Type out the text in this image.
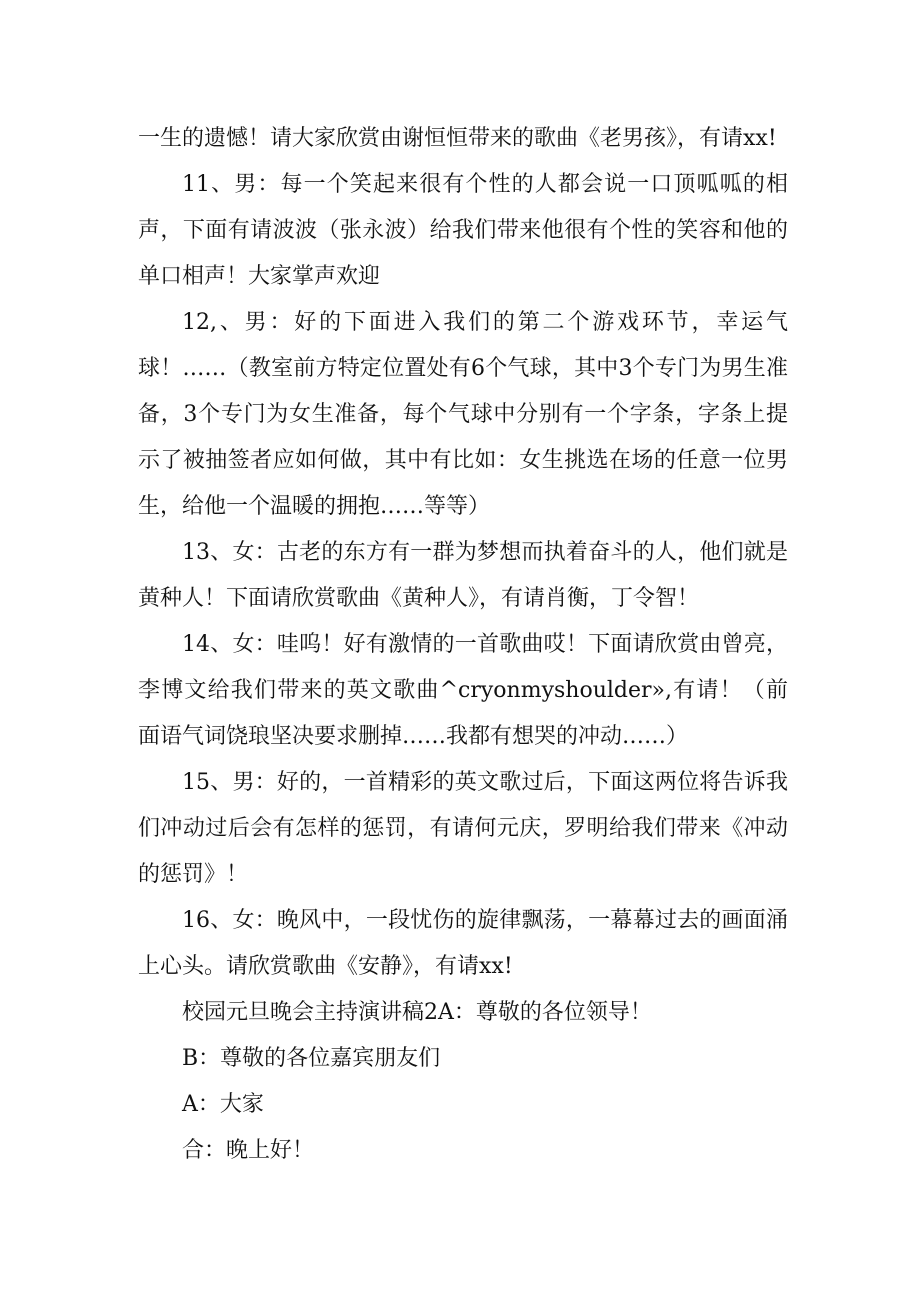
一生的遗憾！请大家欣赏由谢恒恒带来的歌曲《老男孩》，有请xx!

11、男：每一个笑起来很有个性的人都会说一口顶呱呱的相声，下面有请波波（张永波）给我们带来他很有个性的笑容和他的单口相声！大家掌声欢迎

12,、男：好的下面进入我们的第二个游戏环节，幸运气球！……（教室前方特定位置处有6个气球，其中3个专门为男生准备，3个专门为女生准备，每个气球中分别有一个字条，字条上提示了被抽签者应如何做，其中有比如：女生挑选在场的任意一位男生，给他一个温暖的拥抱……等等）

13、女：古老的东方有一群为梦想而执着奋斗的人，他们就是黄种人！下面请欣赏歌曲《黄种人》，有请肖衡，丁令智！

14、女：哇呜！好有激情的一首歌曲哎！下面请欣赏由曾亮，李博文给我们带来的英文歌曲^cryonmyshoulder»,有请！（前面语气词饶琅坚决要求删掉……我都有想哭的冲动……）

15、男：好的，一首精彩的英文歌过后，下面这两位将告诉我们冲动过后会有怎样的惩罚，有请何元庆，罗明给我们带来《冲动的惩罚》！

16、女：晚风中，一段忧伤的旋律飘荡，一幕幕过去的画面涌上心头。请欣赏歌曲《安静》，有请xx!

校园元旦晚会主持演讲稿2A：尊敬的各位领导！

B：尊敬的各位嘉宾朋友们

A：大家

合：晚上好！
